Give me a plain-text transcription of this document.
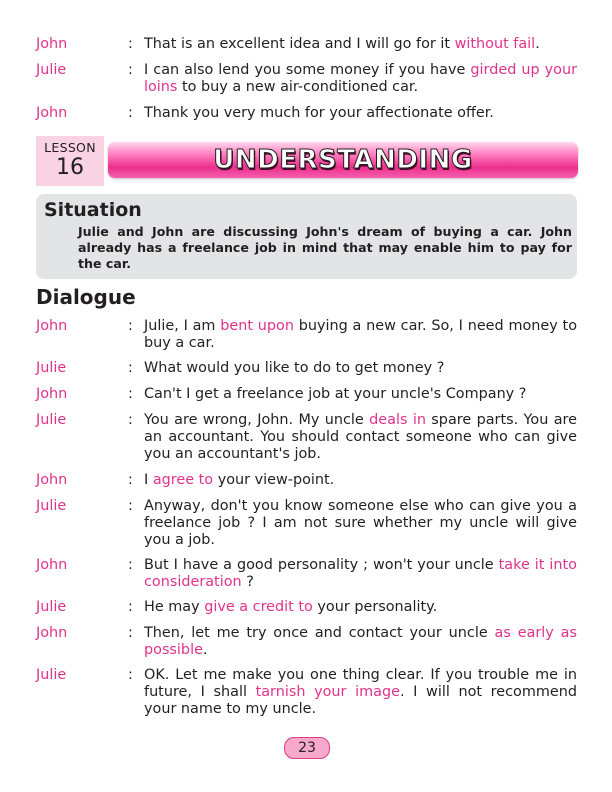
John	: That is an excellent idea and I will go for it without fail.
Julie	: I can also lend you some money if you have girded up your loins to buy a new air-conditioned car.
John	: Thank you very much for your affectionate offer.
LESSON
16	UNDERSTANDING
Situation
Julie and John are discussing John's dream of buying a car. John already has a freelance job in mind that may enable him to pay for the car.
Dialogue
John	: Julie, I am bent upon buying a new car. So, I need money to buy a car.
Julie	: What would you like to do to get money ?
John	: Can't I get a freelance job at your uncle's Company ?
Julie	: You are wrong, John. My uncle deals in spare parts. You are an accountant. You should contact someone who can give you an accountant's job.
John	: I agree to your view-point.
Julie	: Anyway, don't you know someone else who can give you a freelance job ? I am not sure whether my uncle will give you a job.
John	: But I have a good personality ; won't your uncle take it into consideration ?
Julie	: He may give a credit to your personality.
John	: Then, let me try once and contact your uncle as early as possible.
Julie	: OK. Let me make you one thing clear. If you trouble me in future, I shall tarnish your image. I will not recommend your name to my uncle.
23
